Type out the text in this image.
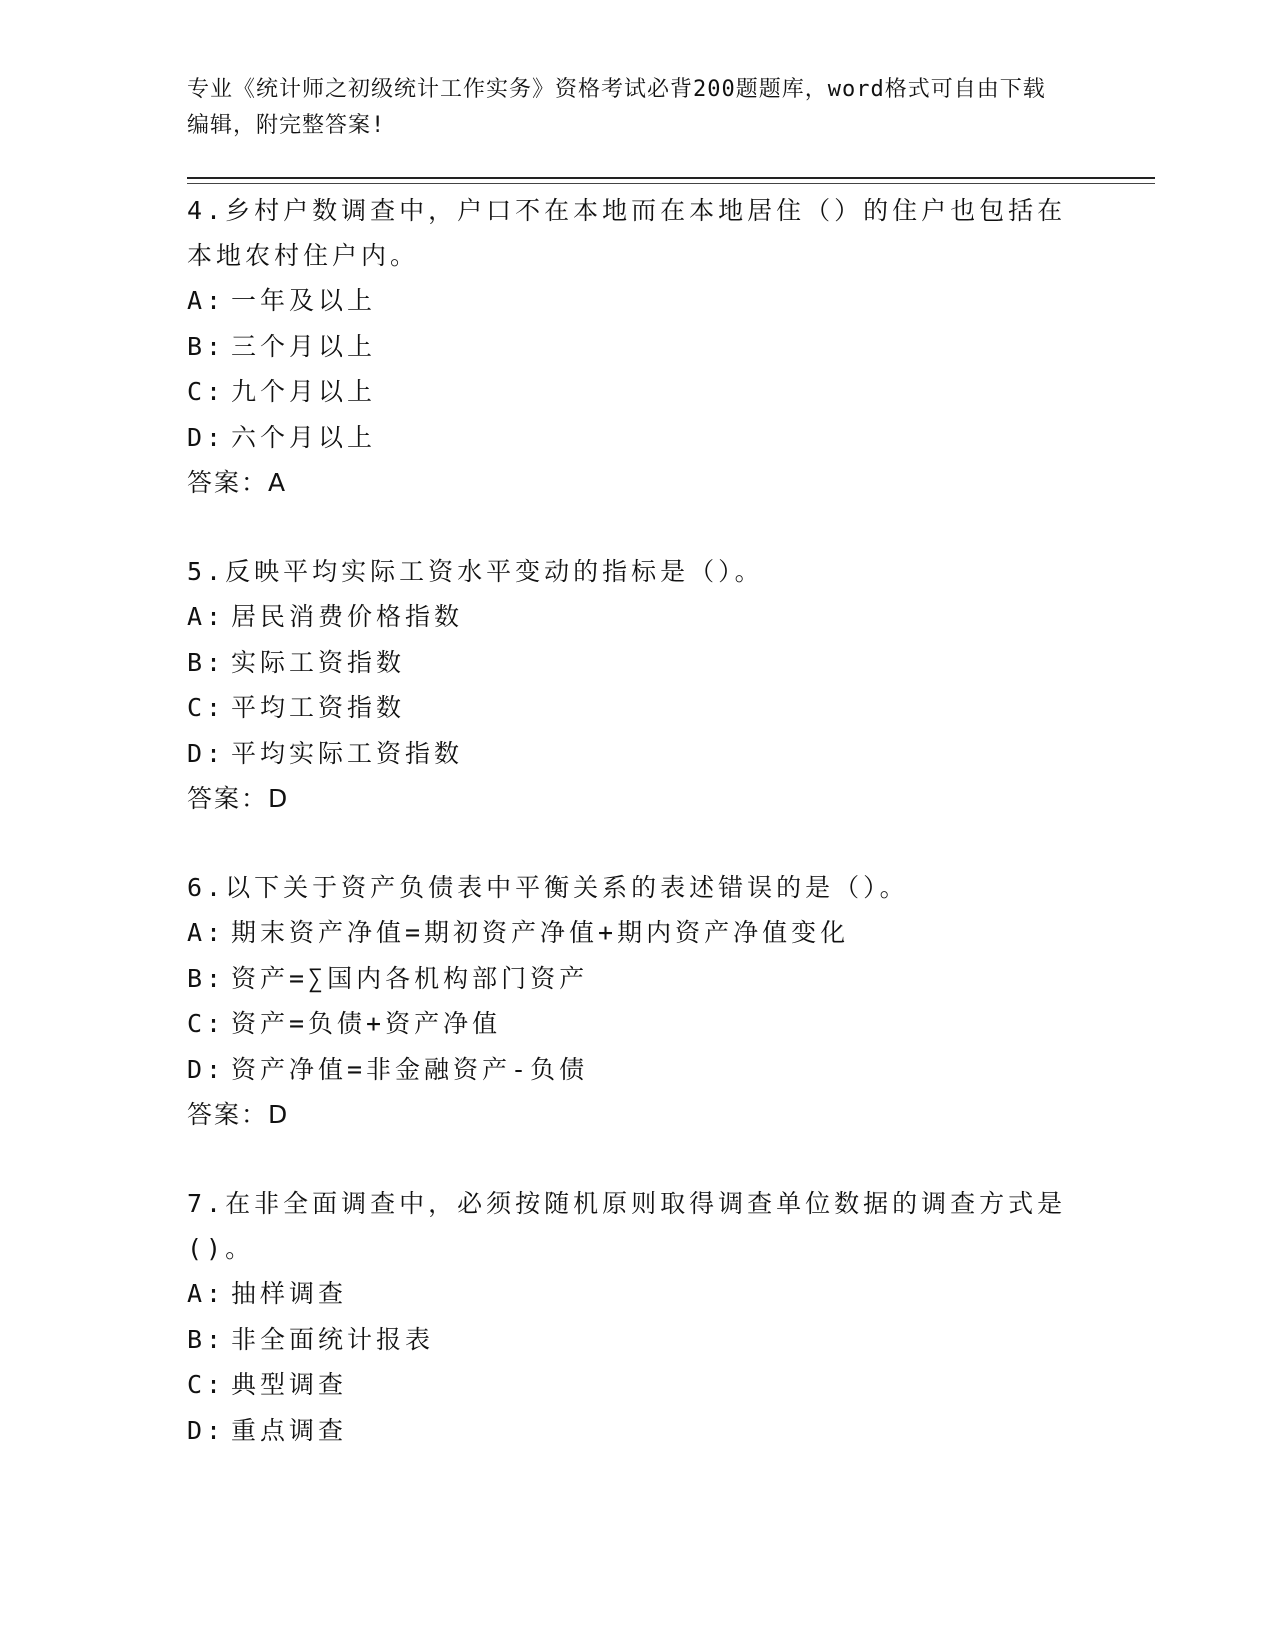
专业《统计师之初级统计工作实务》资格考试必背200题题库，word格式可自由下载编辑，附完整答案!
4.乡村户数调查中，户口不在本地而在本地居住（）的住户也包括在本地农村住户内。
A: 一年及以上
B: 三个月以上
C: 九个月以上
D: 六个月以上
答案：A
5.反映平均实际工资水平变动的指标是（）。
A: 居民消费价格指数
B: 实际工资指数
C: 平均工资指数
D: 平均实际工资指数
答案：D
6.以下关于资产负债表中平衡关系的表述错误的是（）。
A: 期末资产净值=期初资产净值+期内资产净值变化
B: 资产=∑国内各机构部门资产
C: 资产=负债+资产净值
D: 资产净值=非金融资产-负债
答案：D
7.在非全面调查中，必须按随机原则取得调查单位数据的调查方式是()。
A: 抽样调查
B: 非全面统计报表
C: 典型调查
D: 重点调查
